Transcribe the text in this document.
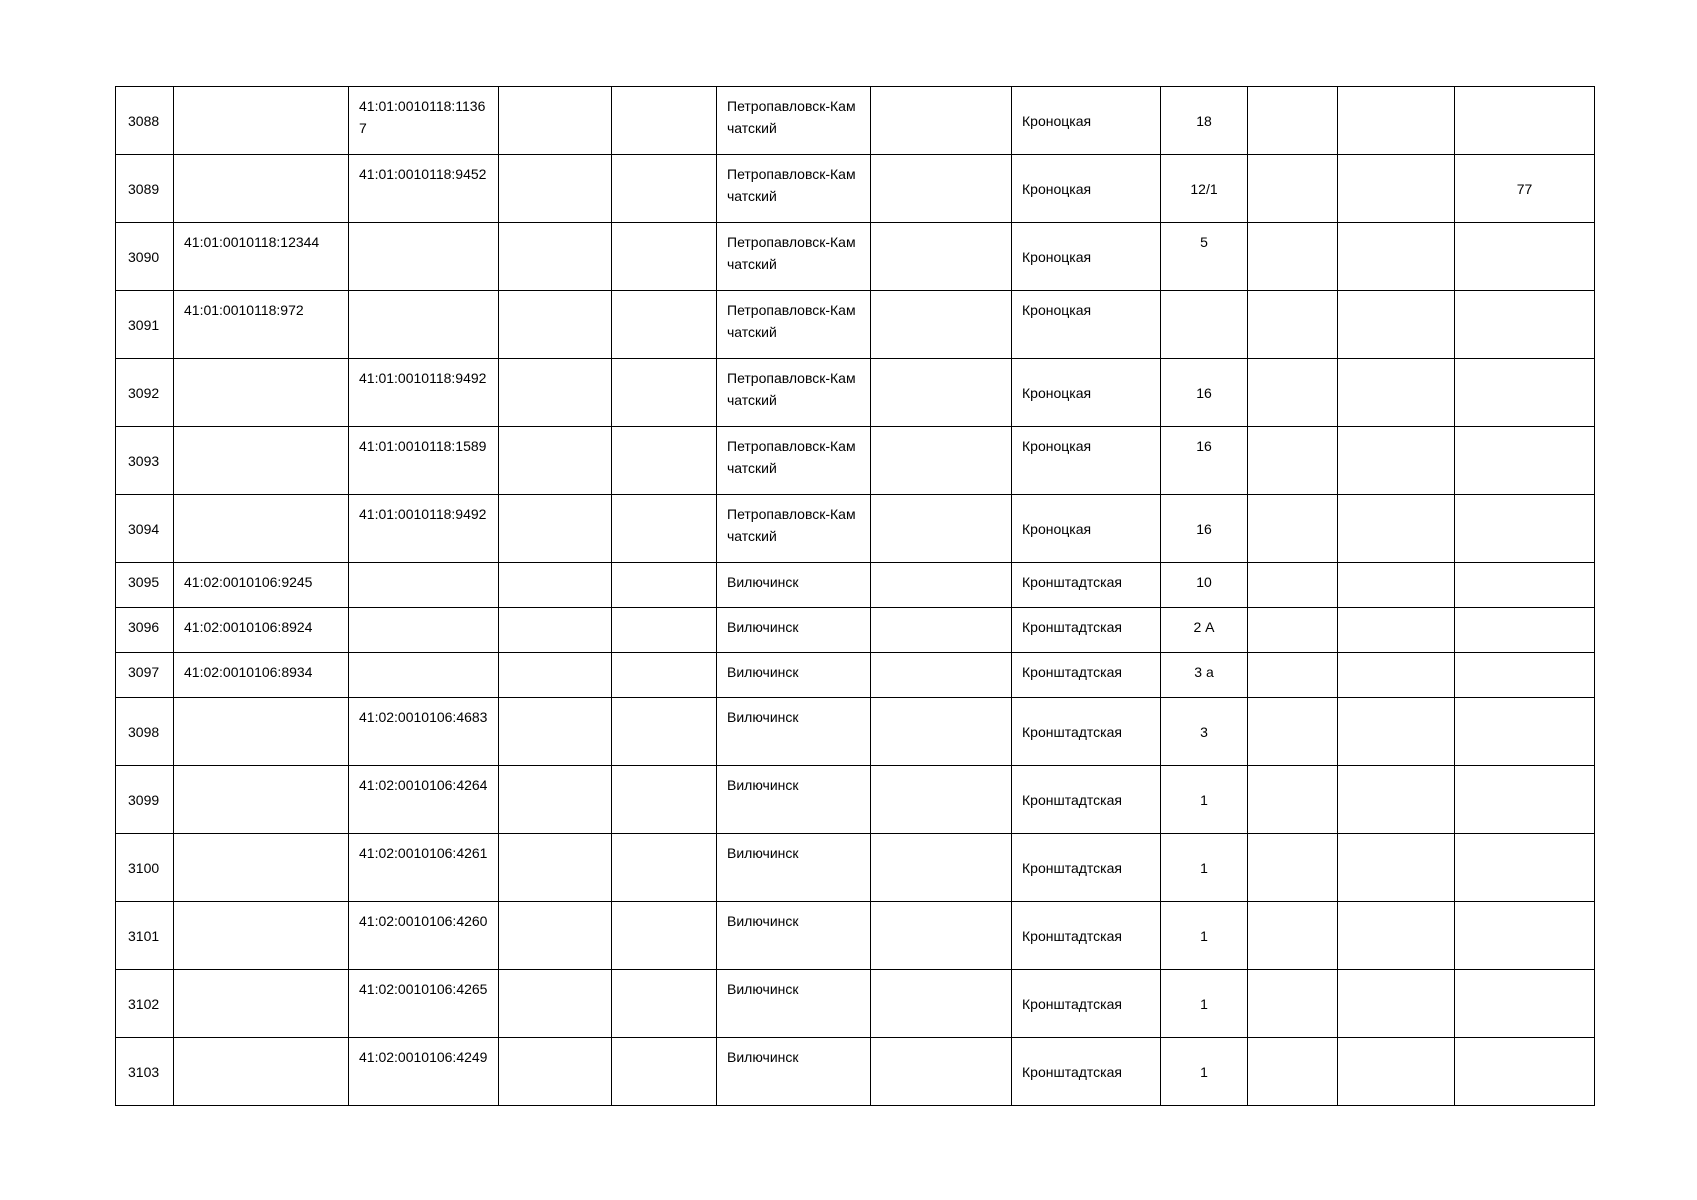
3088		41:01:0010118:11367			Петропавловск-Камчатский		Кроноцкая	18			

3089		41:01:0010118:9452			Петропавловск-Камчатский		Кроноцкая	12/1			77

3090	41:01:0010118:12344				Петропавловск-Камчатский		Кроноцкая	5			

3091	41:01:0010118:972				Петропавловск-Камчатский		Кроноцкая				

3092		41:01:0010118:9492			Петропавловск-Камчатский		Кроноцкая	16			

3093		41:01:0010118:1589			Петропавловск-Камчатский		Кроноцкая	16			

3094		41:01:0010118:9492			Петропавловск-Камчатский		Кроноцкая	16			

3095	41:02:0010106:9245				Вилючинск		Кронштадтская	10			

3096	41:02:0010106:8924				Вилючинск		Кронштадтская	2 А			

3097	41:02:0010106:8934				Вилючинск		Кронштадтская	3 а			

3098		41:02:0010106:4683			Вилючинск		Кронштадтская	3			

3099		41:02:0010106:4264			Вилючинск		Кронштадтская	1			

3100		41:02:0010106:4261			Вилючинск		Кронштадтская	1			

3101		41:02:0010106:4260			Вилючинск		Кронштадтская	1			

3102		41:02:0010106:4265			Вилючинск		Кронштадтская	1			

3103		41:02:0010106:4249			Вилючинск		Кронштадтская	1			
